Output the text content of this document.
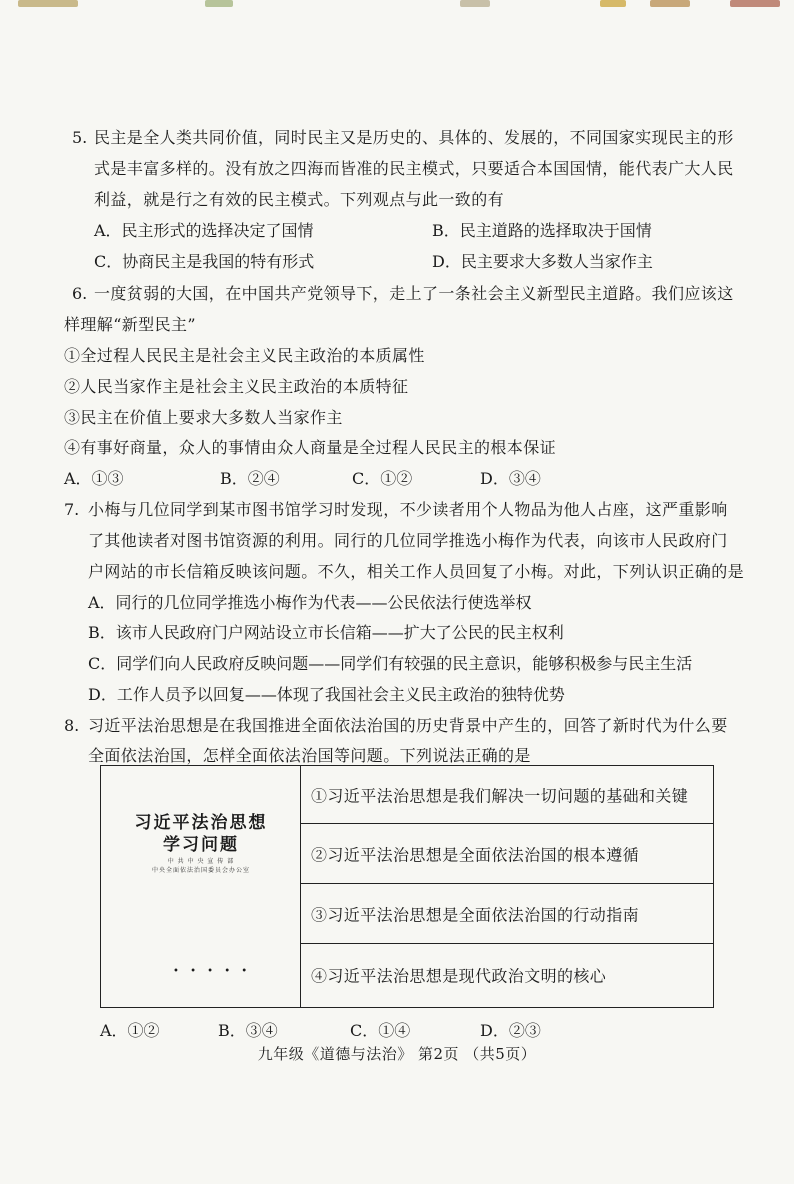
5. 民主是全人类共同价值，同时民主又是历史的、具体的、发展的，不同国家实现民主的形
式是丰富多样的。没有放之四海而皆准的民主模式，只要适合本国国情，能代表广大人民
利益，就是行之有效的民主模式。下列观点与此一致的有
A．民主形式的选择决定了国情	B．民主道路的选择取决于国情
C．协商民主是我国的特有形式	D．民主要求大多数人当家作主
6. 一度贫弱的大国，在中国共产党领导下，走上了一条社会主义新型民主道路。我们应该这
样理解“新型民主”
①全过程人民民主是社会主义民主政治的本质属性
②人民当家作主是社会主义民主政治的本质特征
③民主在价值上要求大多数人当家作主
④有事好商量，众人的事情由众人商量是全过程人民民主的根本保证
A．①③	B．②④	C．①②	D．③④
7. 小梅与几位同学到某市图书馆学习时发现，不少读者用个人物品为他人占座，这严重影响
了其他读者对图书馆资源的利用。同行的几位同学推选小梅作为代表，向该市人民政府门
户网站的市长信箱反映该问题。不久，相关工作人员回复了小梅。对此，下列认识正确的是
A．同行的几位同学推选小梅作为代表——公民依法行使选举权
B．该市人民政府门户网站设立市长信箱——扩大了公民的民主权利
C．同学们向人民政府反映问题——同学们有较强的民主意识，能够积极参与民主生活
D．工作人员予以回复——体现了我国社会主义民主政治的独特优势
8. 习近平法治思想是在我国推进全面依法治国的历史背景中产生的，回答了新时代为什么要
全面依法治国，怎样全面依法治国等问题。下列说法正确的是
习近平法治思想
学习问题
中 共 中 央 宣 传 部
中央全面依法治国委员会办公室
• • • • •
①习近平法治思想是我们解决一切问题的基础和关键
②习近平法治思想是全面依法治国的根本遵循
③习近平法治思想是全面依法治国的行动指南
④习近平法治思想是现代政治文明的核心
A．①②	B．③④	C．①④	D．②③
九年级《道德与法治》 第2页 （共5页）
